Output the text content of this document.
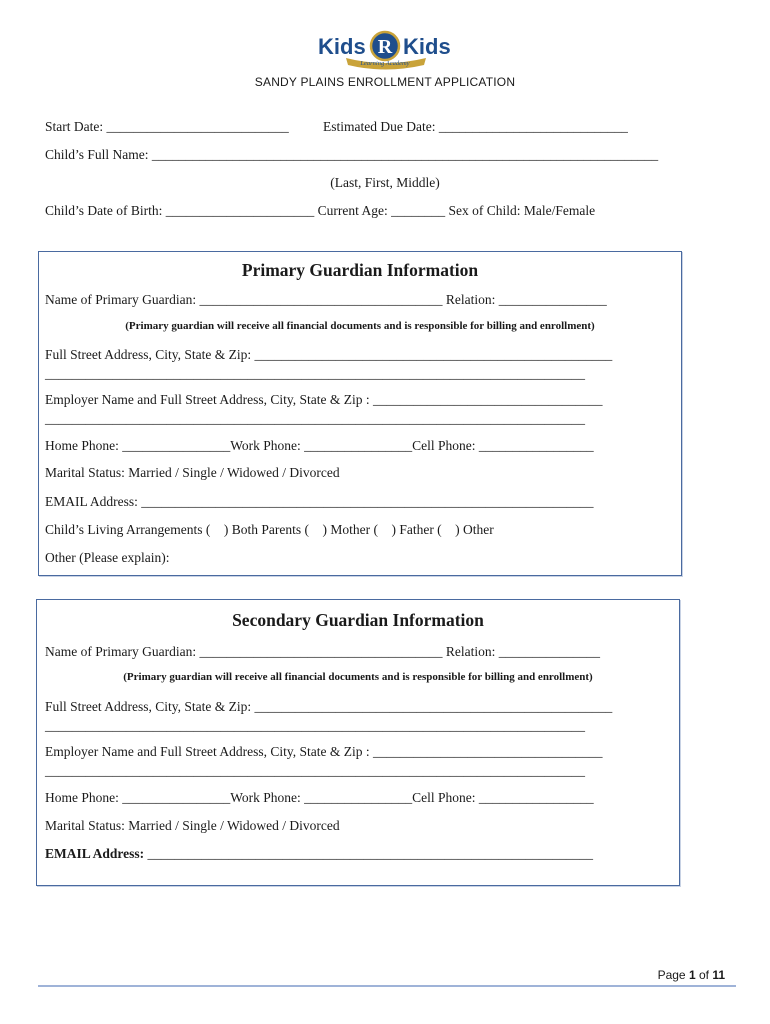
Kids R Kids
Learning Academy
SANDY PLAINS ENROLLMENT APPLICATION
Start Date: ___________________________	Estimated Due Date: ____________________________
Child’s Full Name: ___________________________________________________________________________
(Last, First, Middle)
Child’s Date of Birth: ______________________ Current Age: ________ Sex of Child: Male/Female
Primary Guardian Information
Name of Primary Guardian: ____________________________________ Relation: ________________
(Primary guardian will receive all financial documents and is responsible for billing and enrollment)
Full Street Address, City, State & Zip: _____________________________________________________
________________________________________________________________________________
Employer Name and Full Street Address, City, State & Zip : __________________________________
________________________________________________________________________________
Home Phone: ________________Work Phone: ________________Cell Phone: _________________
Marital Status: Married / Single / Widowed / Divorced
EMAIL Address: ___________________________________________________________________
Child’s Living Arrangements (    ) Both Parents (    ) Mother (    ) Father (    ) Other
Other (Please explain):
Secondary Guardian Information
Name of Primary Guardian: ____________________________________ Relation: _______________
(Primary guardian will receive all financial documents and is responsible for billing and enrollment)
Full Street Address, City, State & Zip: _____________________________________________________
________________________________________________________________________________
Employer Name and Full Street Address, City, State & Zip : __________________________________
________________________________________________________________________________
Home Phone: ________________Work Phone: ________________Cell Phone: _________________
Marital Status: Married / Single / Widowed / Divorced
EMAIL Address: __________________________________________________________________
Page 1 of 11
